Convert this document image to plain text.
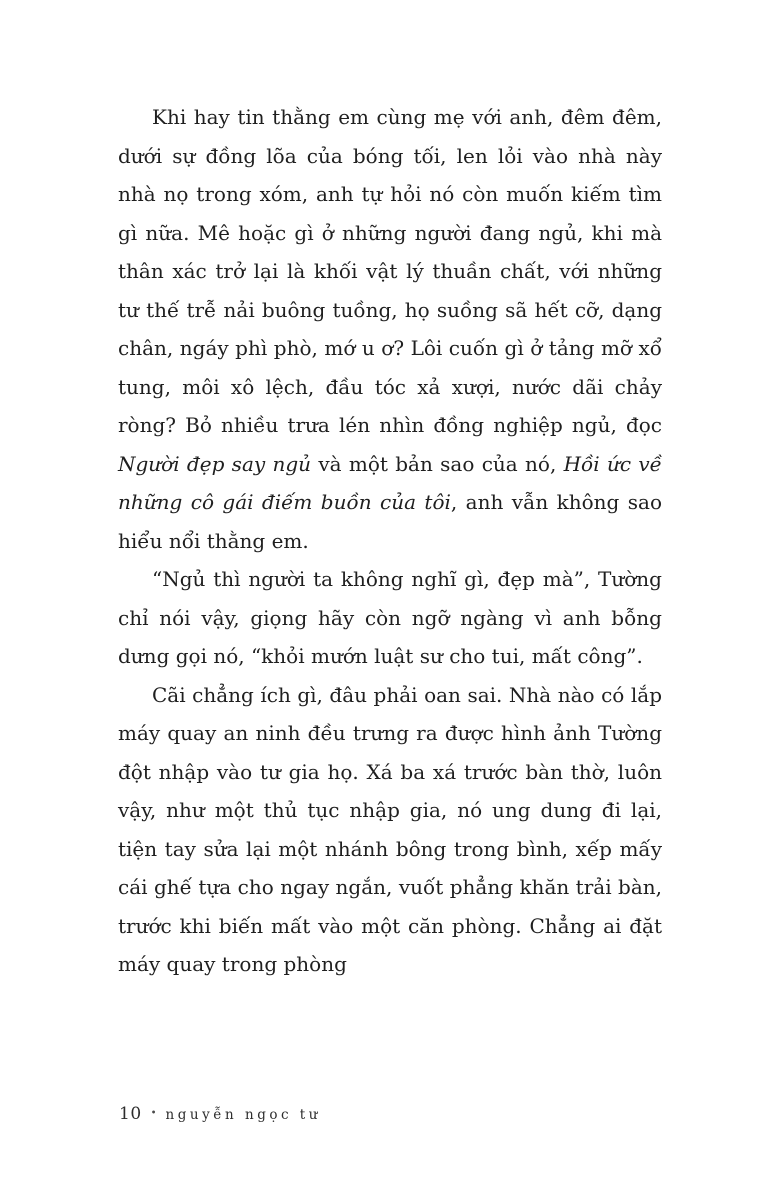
Khi hay tin thằng em cùng mẹ với anh, đêm đêm, dưới sự đồng lõa của bóng tối, len lỏi vào nhà này nhà nọ trong xóm, anh tự hỏi nó còn muốn kiếm tìm gì nữa. Mê hoặc gì ở những người đang ngủ, khi mà thân xác trở lại là khối vật lý thuần chất, với những tư thế trễ nải buông tuồng, họ suồng sã hết cỡ, dạng chân, ngáy phì phò, mớ u ơ? Lôi cuốn gì ở tảng mỡ xổ tung, môi xô lệch, đầu tóc xả xượi, nước dãi chảy ròng? Bỏ nhiều trưa lén nhìn đồng nghiệp ngủ, đọc Người đẹp say ngủ và một bản sao của nó, Hồi ức về những cô gái điếm buồn của tôi, anh vẫn không sao hiểu nổi thằng em.

“Ngủ thì người ta không nghĩ gì, đẹp mà”, Tường chỉ nói vậy, giọng hãy còn ngỡ ngàng vì anh bỗng dưng gọi nó, “khỏi mướn luật sư cho tui, mất công”.

Cãi chẳng ích gì, đâu phải oan sai. Nhà nào có lắp máy quay an ninh đều trưng ra được hình ảnh Tường đột nhập vào tư gia họ. Xá ba xá trước bàn thờ, luôn vậy, như một thủ tục nhập gia, nó ung dung đi lại, tiện tay sửa lại một nhánh bông trong bình, xếp mấy cái ghế tựa cho ngay ngắn, vuốt phẳng khăn trải bàn, trước khi biến mất vào một căn phòng. Chẳng ai đặt máy quay trong phòng

10 • nguyễn ngọc tư
